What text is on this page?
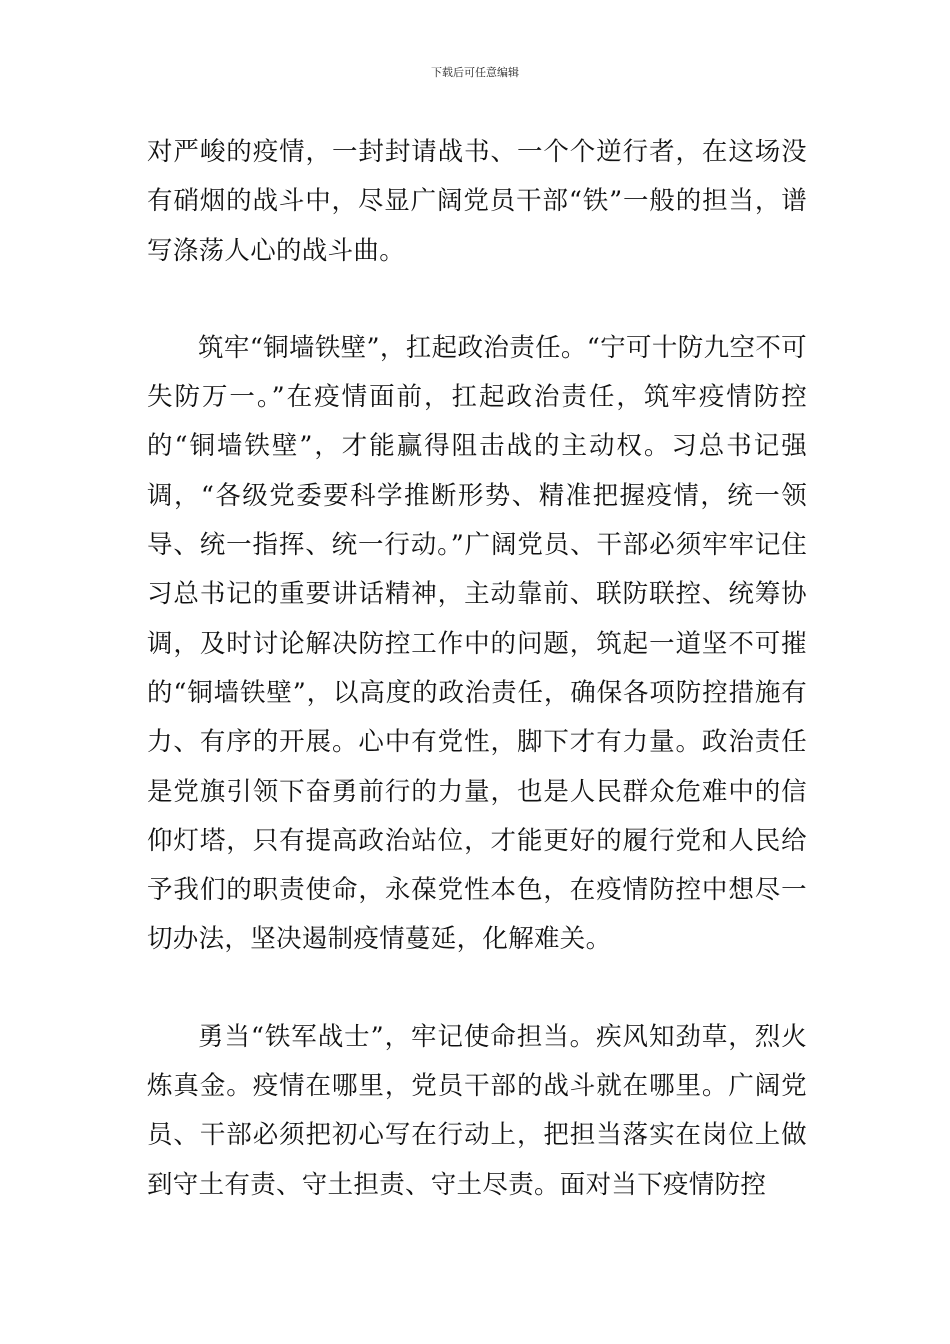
下载后可任意编辑

对严峻的疫情，一封封请战书、一个个逆行者，在这场没有硝烟的战斗中，尽显广阔党员干部“铁”一般的担当，谱写涤荡人心的战斗曲。

筑牢“铜墙铁壁”，扛起政治责任。“宁可十防九空不可失防万一。”在疫情面前，扛起政治责任，筑牢疫情防控的“铜墙铁壁”，才能赢得阻击战的主动权。习总书记强调，“各级党委要科学推断形势、精准把握疫情，统一领导、统一指挥、统一行动。”广阔党员、干部必须牢牢记住习总书记的重要讲话精神，主动靠前、联防联控、统筹协调，及时讨论解决防控工作中的问题，筑起一道坚不可摧的“铜墙铁壁”，以高度的政治责任，确保各项防控措施有力、有序的开展。心中有党性，脚下才有力量。政治责任是党旗引领下奋勇前行的力量，也是人民群众危难中的信仰灯塔，只有提高政治站位，才能更好的履行党和人民给予我们的职责使命，永葆党性本色，在疫情防控中想尽一切办法，坚决遏制疫情蔓延，化解难关。

勇当“铁军战士”，牢记使命担当。疾风知劲草，烈火炼真金。疫情在哪里，党员干部的战斗就在哪里。广阔党员、干部必须把初心写在行动上，把担当落实在岗位上做到守土有责、守土担责、守土尽责。面对当下疫情防控
